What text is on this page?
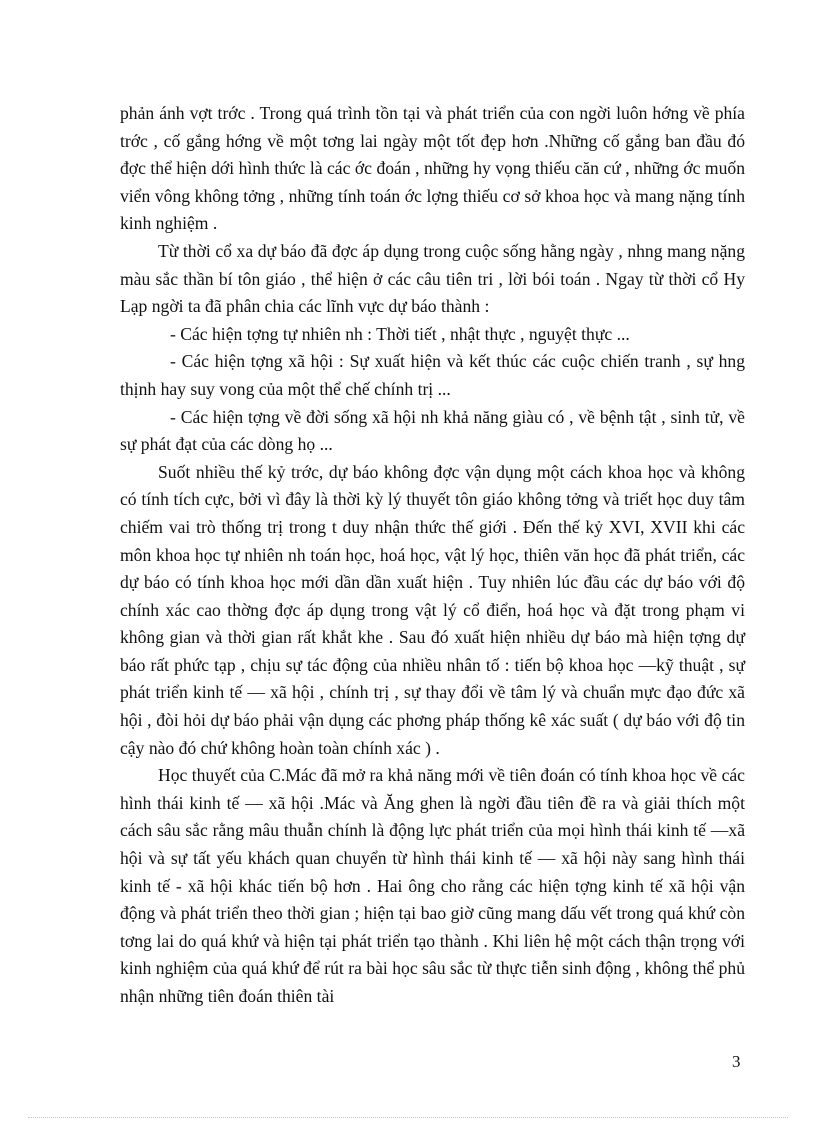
phản ánh vợt trớc . Trong quá trình tồn tại và phát triển của con ngời luôn hớng về phía trớc , cố gắng hớng về một tơng lai ngày một tốt đẹp hơn .Những cố gắng ban đầu đó đợc thể hiện dới hình thức là các ớc đoán , những hy vọng thiếu căn cứ , những ớc muốn viển vông không tởng , những tính toán ớc lợng thiếu cơ sở khoa học và mang nặng tính kinh nghiệm .

Từ thời cổ xa dự báo đã đợc áp dụng trong cuộc sống hằng ngày , nhng mang nặng màu sắc thần bí tôn giáo , thể hiện ở các câu tiên tri , lời bói toán . Ngay từ thời cổ Hy Lạp ngời ta đã phân chia các lĩnh vực dự báo thành :

- Các hiện tợng tự nhiên nh : Thời tiết , nhật thực , nguyệt thực ...

- Các hiện tợng xã hội : Sự xuất hiện và kết thúc các cuộc chiến tranh , sự hng thịnh hay suy vong của một thể chế chính trị ...

- Các hiện tợng về đời sống xã hội nh khả năng giàu có , về bệnh tật , sinh tử, về sự phát đạt của các dòng họ ...

Suốt nhiều thế kỷ trớc, dự báo không đợc vận dụng một cách khoa học và không có tính tích cực, bởi vì đây là thời kỳ lý thuyết tôn giáo không tởng và triết học duy tâm chiếm vai trò thống trị trong t duy nhận thức thế giới . Đến thế kỷ XVI, XVII khi các môn khoa học tự nhiên nh toán học, hoá học, vật lý học, thiên văn học đã phát triển, các dự báo có tính khoa học mới dần dần xuất hiện . Tuy nhiên lúc đầu các dự báo với độ chính xác cao thờng đợc áp dụng trong vật lý cổ điển, hoá học và đặt trong phạm vi không gian và thời gian rất khắt khe . Sau đó xuất hiện nhiều dự báo mà hiện tợng dự báo rất phức tạp , chịu sự tác động của nhiều nhân tố : tiến bộ khoa học —kỹ thuật , sự phát triển kinh tế — xã hội , chính trị , sự thay đổi về tâm lý và chuẩn mực đạo đức xã hội , đòi hỏi dự báo phải vận dụng các phơng pháp thống kê xác suất ( dự báo với độ tin cậy nào đó chứ không hoàn toàn chính xác ) .

Học thuyết của C.Mác đã mở ra khả năng mới về tiên đoán có tính khoa học về các hình thái kinh tế — xã hội .Mác và Ăng ghen là ngời đầu tiên đề ra và giải thích một cách sâu sắc rằng mâu thuẫn chính là động lực phát triển của mọi hình thái kinh tế —xã hội và sự tất yếu khách quan chuyển từ hình thái kinh tế — xã hội này sang hình thái kinh tế - xã hội khác tiến bộ hơn . Hai ông cho rằng các hiện tợng kinh tế xã hội vận động và phát triển theo thời gian ; hiện tại bao giờ cũng mang dấu vết trong quá khứ còn tơng lai do quá khứ và hiện tại phát triển tạo thành . Khi liên hệ một cách thận trọng với kinh nghiệm của quá khứ để rút ra bài học sâu sắc từ thực tiễn sinh động , không thể phủ nhận những tiên đoán thiên tài

3
